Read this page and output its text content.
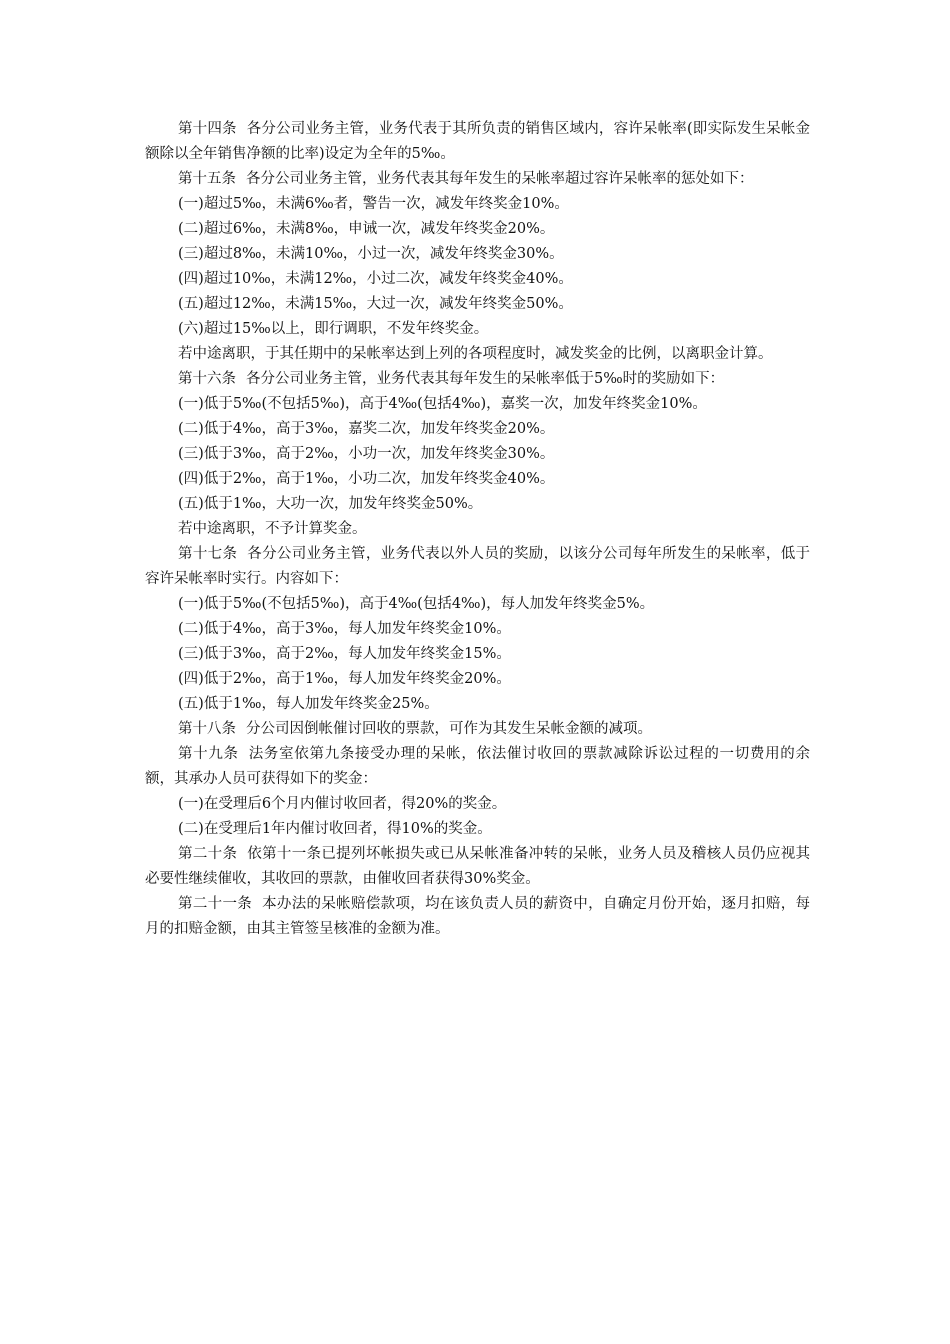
第十四条 各分公司业务主管，业务代表于其所负责的销售区域内，容许呆帐率(即实际发生呆帐金额除以全年销售净额的比率)设定为全年的5‰。

第十五条 各分公司业务主管，业务代表其每年发生的呆帐率超过容许呆帐率的惩处如下：

(一)超过5‰，未满6‰者，警告一次，减发年终奖金10%。

(二)超过6‰，未满8‰，申诫一次，减发年终奖金20%。

(三)超过8‰，未满10‰，小过一次，减发年终奖金30%。

(四)超过10‰，未满12‰，小过二次，减发年终奖金40%。

(五)超过12‰，未满15‰，大过一次，减发年终奖金50%。

(六)超过15‰以上，即行调职，不发年终奖金。

若中途离职，于其任期中的呆帐率达到上列的各项程度时，减发奖金的比例，以离职金计算。

第十六条 各分公司业务主管，业务代表其每年发生的呆帐率低于5‰时的奖励如下：

(一)低于5‰(不包括5‰)，高于4‰(包括4‰)，嘉奖一次，加发年终奖金10%。

(二)低于4‰，高于3‰，嘉奖二次，加发年终奖金20%。

(三)低于3‰，高于2‰，小功一次，加发年终奖金30%。

(四)低于2‰，高于1‰，小功二次，加发年终奖金40%。

(五)低于1‰，大功一次，加发年终奖金50%。

若中途离职，不予计算奖金。

第十七条 各分公司业务主管，业务代表以外人员的奖励，以该分公司每年所发生的呆帐率，低于容许呆帐率时实行。内容如下：

(一)低于5‰(不包括5‰)，高于4‰(包括4‰)，每人加发年终奖金5%。

(二)低于4‰，高于3‰，每人加发年终奖金10%。

(三)低于3‰，高于2‰，每人加发年终奖金15%。

(四)低于2‰，高于1‰，每人加发年终奖金20%。

(五)低于1‰，每人加发年终奖金25%。

第十八条 分公司因倒帐催讨回收的票款，可作为其发生呆帐金额的减项。

第十九条 法务室依第九条接受办理的呆帐，依法催讨收回的票款减除诉讼过程的一切费用的余额，其承办人员可获得如下的奖金：

(一)在受理后6个月内催讨收回者，得20%的奖金。

(二)在受理后1年内催讨收回者，得10%的奖金。

第二十条 依第十一条已提列坏帐损失或已从呆帐准备冲转的呆帐，业务人员及稽核人员仍应视其必要性继续催收，其收回的票款，由催收回者获得30%奖金。

第二十一条 本办法的呆帐赔偿款项，均在该负责人员的薪资中，自确定月份开始，逐月扣赔，每月的扣赔金额，由其主管签呈核准的金额为准。
